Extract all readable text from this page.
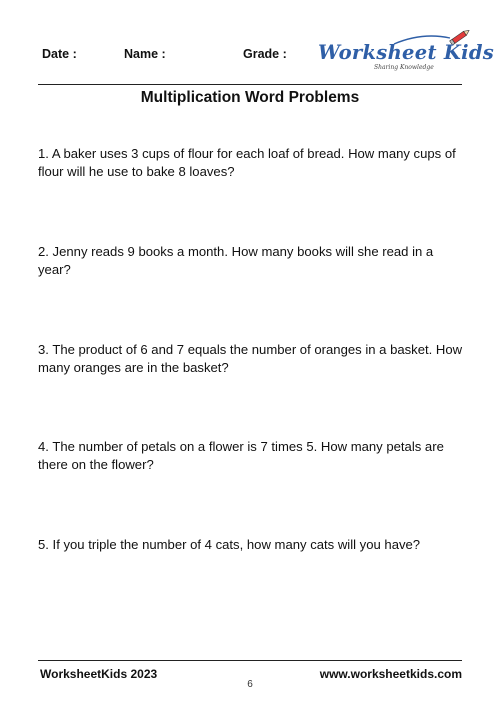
Date :	Name :	Grade : Worksheet Kids
Sharing Knowledge
Multiplication Word Problems
1. A baker uses 3 cups of flour for each loaf of bread. How many cups of flour will he use to bake 8 loaves?
2. Jenny reads 9 books a month. How many books will she read in a year?
3. The product of 6 and 7 equals the number of oranges in a basket. How many oranges are in the basket?
4. The number of petals on a flower is 7 times 5. How many petals are there on the flower?
5. If you triple the number of 4 cats, how many cats will you have?
WorksheetKids 2023	www.worksheetkids.com
6
